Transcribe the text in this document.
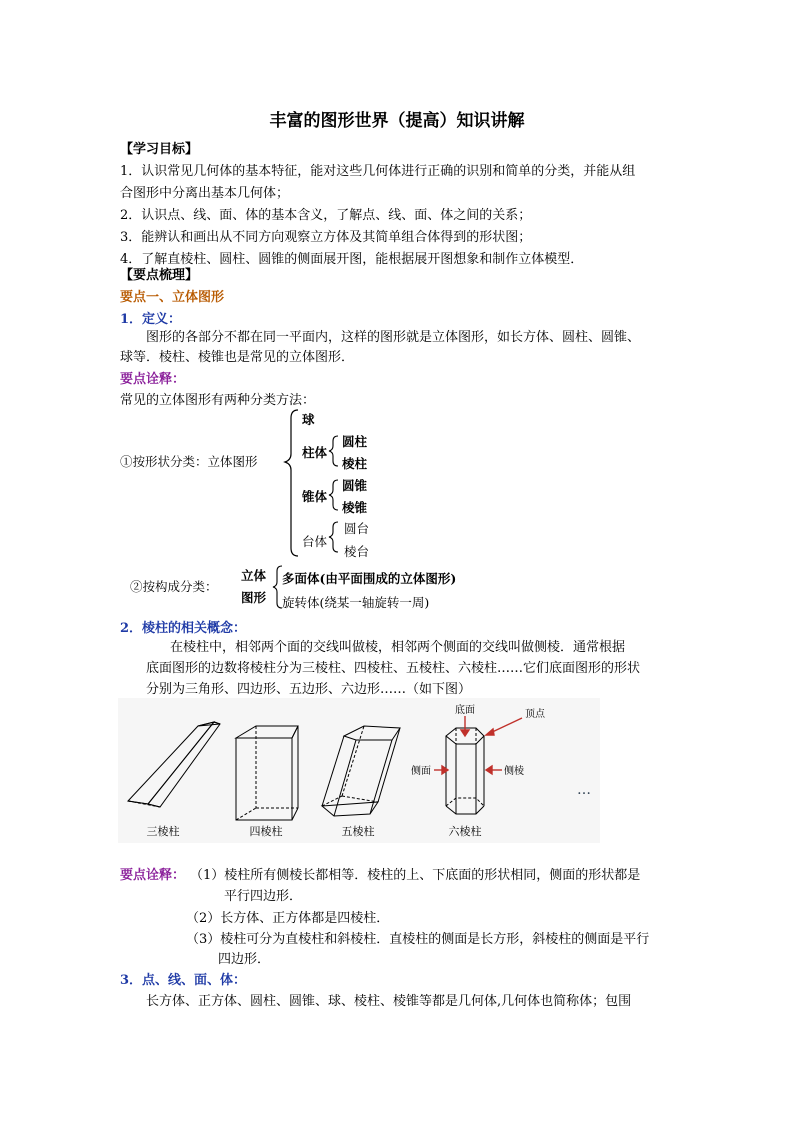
丰富的图形世界（提高）知识讲解
【学习目标】
1．认识常见几何体的基本特征，能对这些几何体进行正确的识别和简单的分类，并能从组
合图形中分离出基本几何体；
2．认识点、线、面、体的基本含义，了解点、线、面、体之间的关系；
3．能辨认和画出从不同方向观察立方体及其简单组合体得到的形状图；
4．了解直棱柱、圆柱、圆锥的侧面展开图，能根据展开图想象和制作立体模型．
【要点梳理】
要点一、立体图形
1．定义：
图形的各部分不都在同一平面内，这样的图形就是立体图形，如长方体、圆柱、圆锥、
球等．棱柱、棱锥也是常见的立体图形．
要点诠释：
常见的立体图形有两种分类方法：
①按形状分类：立体图形
球
柱体
圆柱
棱柱
锥体
圆锥
棱锥
台体
圆台
棱台
②按构成分类：
立体
图形
多面体(由平面围成的立体图形)
旋转体(绕某一轴旋转一周)
2．棱柱的相关概念：
在棱柱中，相邻两个面的交线叫做棱，相邻两个侧面的交线叫做侧棱．通常根据
底面图形的边数将棱柱分为三棱柱、四棱柱、五棱柱、六棱柱……它们底面图形的形状
分别为三角形、四边形、五边形、六边形……（如下图）
底面	顶点
侧面	侧棱
…
三棱柱	四棱柱	五棱柱	六棱柱
要点诠释： （1）棱柱所有侧棱长都相等．棱柱的上、下底面的形状相同，侧面的形状都是
平行四边形．
（2）长方体、正方体都是四棱柱．
（3）棱柱可分为直棱柱和斜棱柱．直棱柱的侧面是长方形，斜棱柱的侧面是平行
四边形．
3．点、线、面、体：
长方体、正方体、圆柱、圆锥、球、棱柱、棱锥等都是几何体,几何体也简称体；包围
